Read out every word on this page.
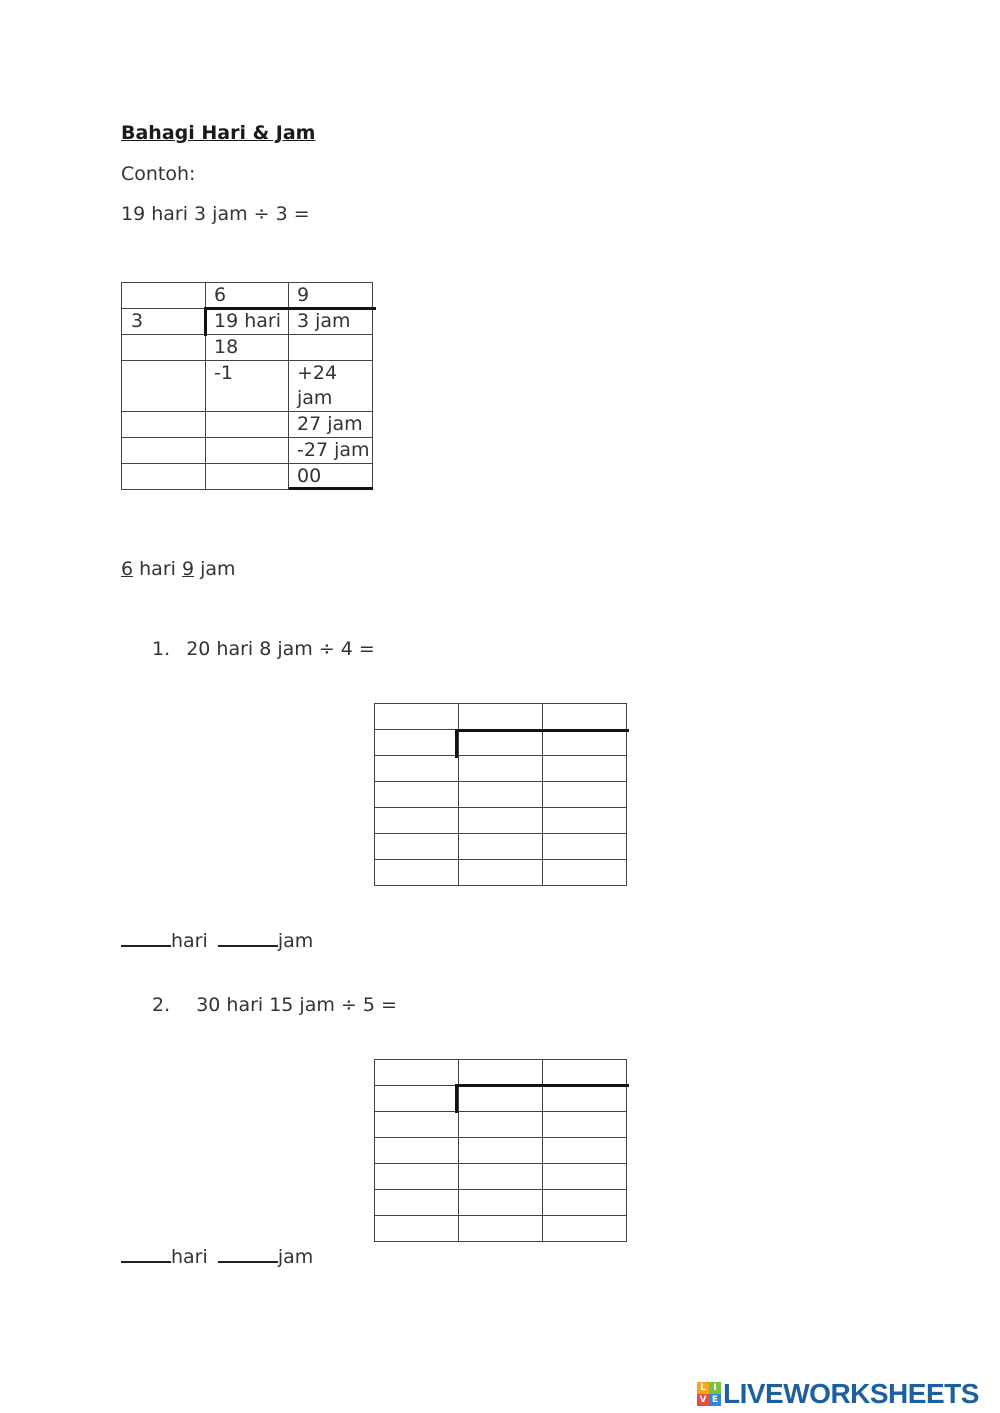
Bahagi Hari & Jam
Contoh:
19 hari 3 jam ÷ 3 =
	6	9
3	19 hari	3 jam
	18	
	-1	+24 jam
		27 jam
		-27 jam
		00
6 hari 9 jam
1. 20 hari 8 jam ÷ 4 =

hari	jam
2. 30 hari 15 jam ÷ 5 =

hari	jam
L I
V E LIVEWORKSHEETS
